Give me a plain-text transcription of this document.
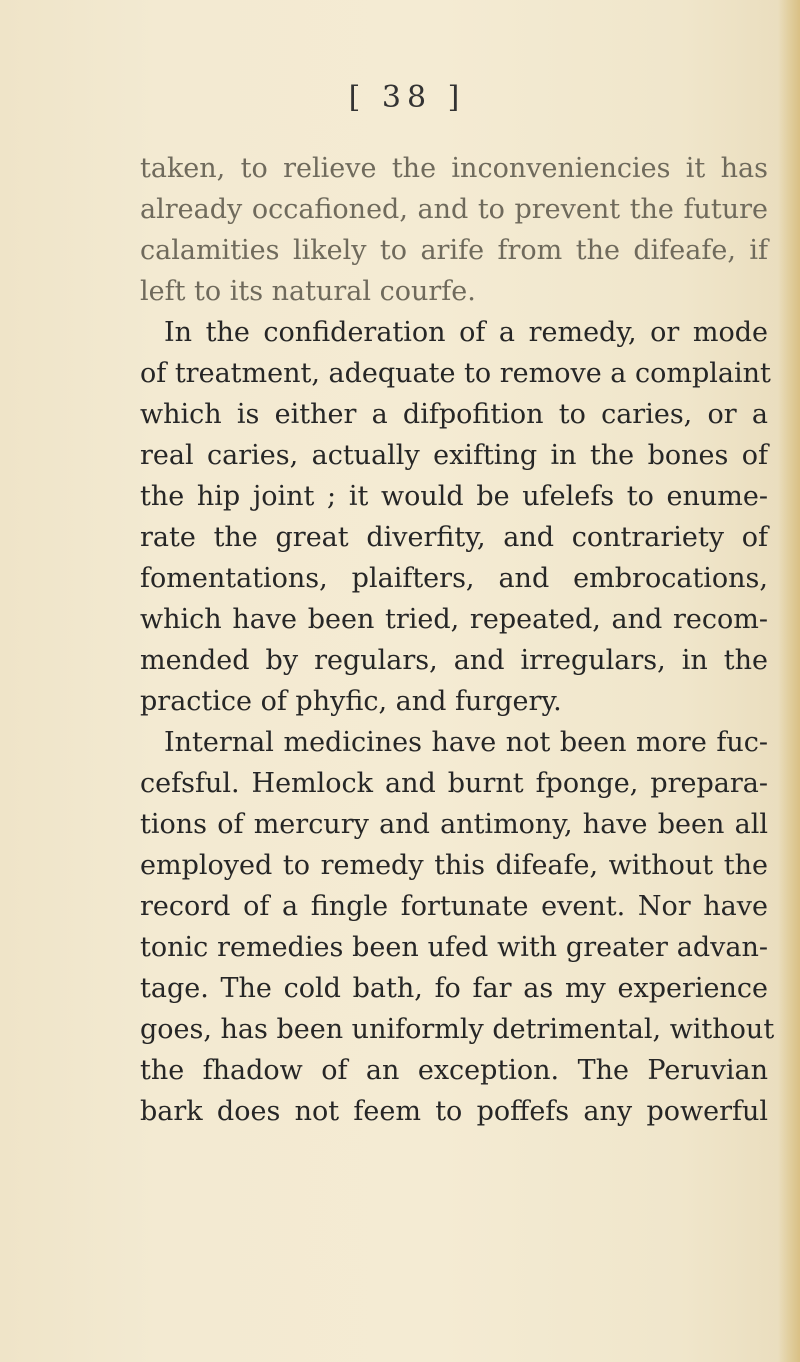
[ 38 ]
taken, to relieve the inconveniencies it has
already occafioned, and to prevent the future
calamities likely to arife from the difeafe, if
left to its natural courfe.
In the confideration of a remedy, or mode
of treatment, adequate to remove a complaint
which is either a difpofition to caries, or a
real caries, actually exifting in the bones of
the hip joint ; it would be ufelefs to enume-
rate the great diverfity, and contrariety of
fomentations, plaifters, and embrocations,
which have been tried, repeated, and recom-
mended by regulars, and irregulars, in the
practice of phyfic, and furgery.
Internal medicines have not been more fuc-
cefsful. Hemlock and burnt fponge, prepara-
tions of mercury and antimony, have been all
employed to remedy this difeafe, without the
record of a fingle fortunate event. Nor have
tonic remedies been ufed with greater advan-
tage. The cold bath, fo far as my experience
goes, has been uniformly detrimental, without
the fhadow of an exception. The Peruvian
bark does not feem to poffefs any powerful
